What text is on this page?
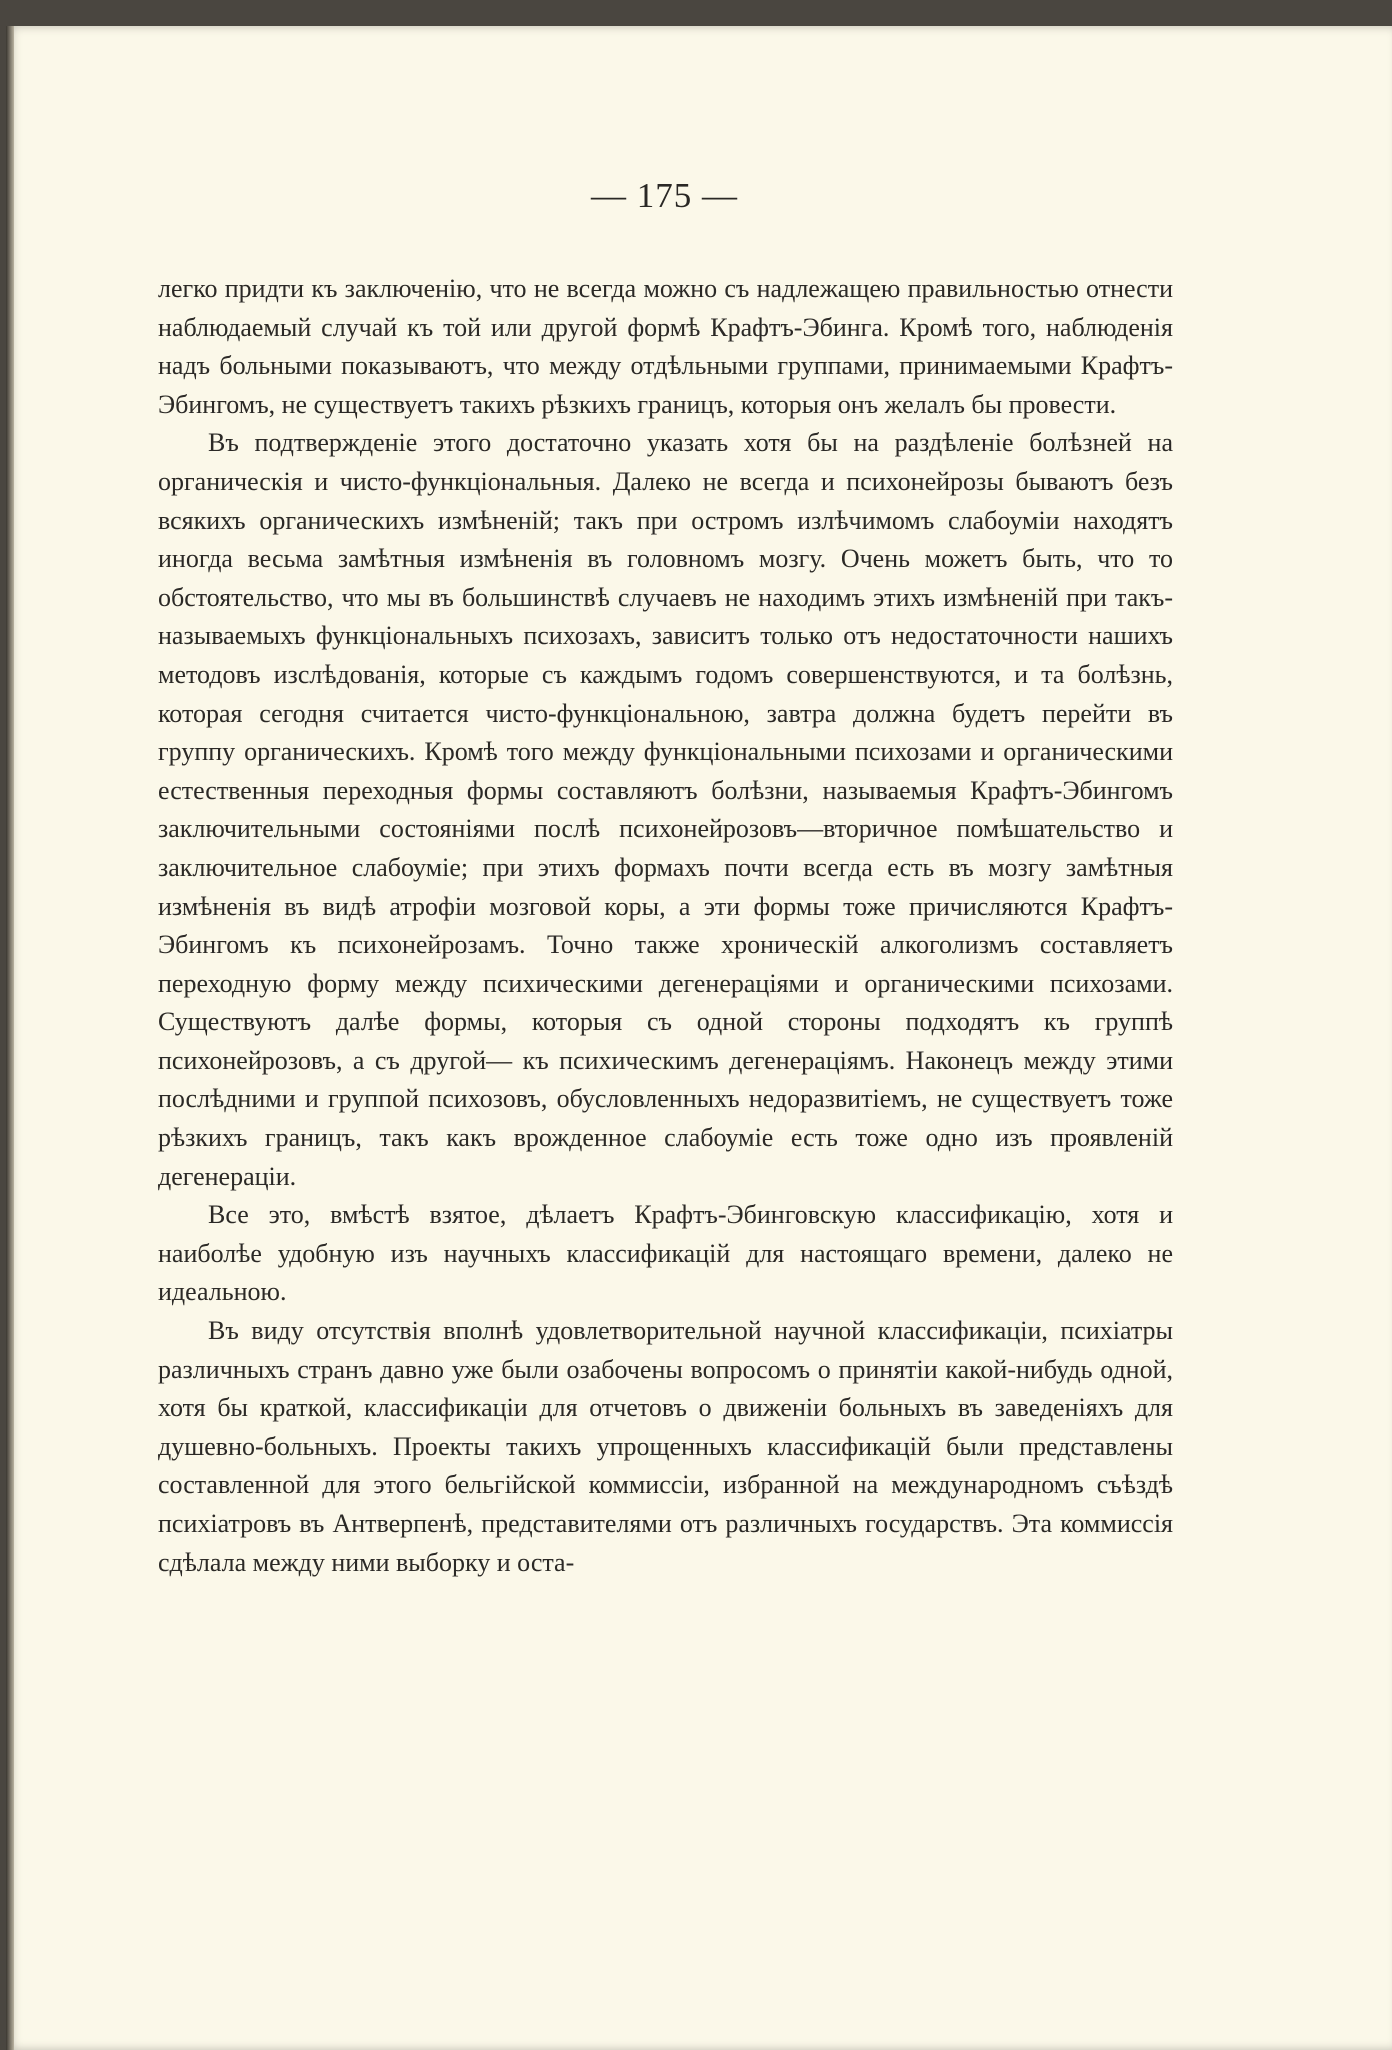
— 175 —

легко придти къ заключенію, что не всегда можно съ надлежащею правильностью отнести наблюдаемый случай къ той или другой формѣ Крафтъ-Эбинга. Кромѣ того, наблюденія надъ больными показываютъ, что между отдѣльными группами, принимаемыми Крафтъ-Эбингомъ, не существуетъ такихъ рѣзкихъ границъ, которыя онъ желалъ бы провести.

Въ подтвержденіе этого достаточно указать хотя бы на раздѣленіе болѣзней на органическія и чисто-функціональныя. Далеко не всегда и психонейрозы бываютъ безъ всякихъ органическихъ измѣненій; такъ при остромъ излѣчимомъ слабоуміи находятъ иногда весьма замѣтныя измѣненія въ головномъ мозгу. Очень можетъ быть, что то обстоятельство, что мы въ большинствѣ случаевъ не находимъ этихъ измѣненій при такъ-называемыхъ функціональныхъ психозахъ, зависитъ только отъ недостаточности нашихъ методовъ изслѣдованія, которые съ каждымъ годомъ совершенствуются, и та болѣзнь, которая сегодня считается чисто-функціональною, завтра должна будетъ перейти въ группу органическихъ. Кромѣ того между функціональными психозами и органическими естественныя переходныя формы составляютъ болѣзни, называемыя Крафтъ-Эбингомъ заключительными состояніями послѣ психонейрозовъ—вторичное помѣшательство и заключительное слабоуміе; при этихъ формахъ почти всегда есть въ мозгу замѣтныя измѣненія въ видѣ атрофіи мозговой коры, а эти формы тоже причисляются Крафтъ-Эбингомъ къ психонейрозамъ. Точно также хроническій алкоголизмъ составляетъ переходную форму между психическими дегенераціями и органическими психозами. Существуютъ далѣе формы, которыя съ одной стороны подходятъ къ группѣ психонейрозовъ, а съ другой— къ психическимъ дегенераціямъ. Наконецъ между этими послѣдними и группой психозовъ, обусловленныхъ недоразвитіемъ, не существуетъ тоже рѣзкихъ границъ, такъ какъ врожденное слабоуміе есть тоже одно изъ проявленій дегенераціи.

Все это, вмѣстѣ взятое, дѣлаетъ Крафтъ-Эбинговскую классификацію, хотя и наиболѣе удобную изъ научныхъ классификацій для настоящаго времени, далеко не идеальною.

Въ виду отсутствія вполнѣ удовлетворительной научной классификаціи, психіатры различныхъ странъ давно уже были озабочены вопросомъ о принятіи какой-нибудь одной, хотя бы краткой, классификаціи для отчетовъ о движеніи больныхъ въ заведеніяхъ для душевно-больныхъ. Проекты такихъ упрощенныхъ классификацій были представлены составленной для этого бельгійской коммиссіи, избранной на международномъ съѣздѣ психіатровъ въ Антверпенѣ, представителями отъ различныхъ государствъ. Эта коммиссія сдѣлала между ними выборку и оста-
